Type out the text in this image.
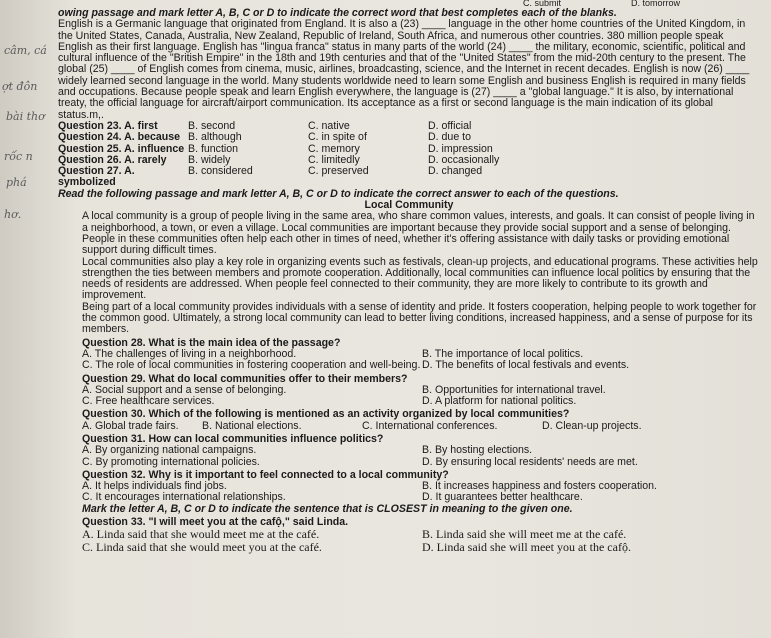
câm, cá
ợt đôn
bài thơ
rốc n
phá
hơ.
C. submit	D. tomorrow
owing passage and mark letter A, B, C or D to indicate the correct word that best completes each of the blanks.

English is a Germanic language that originated from England. It is also a (23) ____ language in the other home countries of the United Kingdom, in the United States, Canada, Australia, New Zealand, Republic of Ireland, South Africa, and numerous other countries. 380 million people speak English as their first language. English has "lingua franca" status in many parts of the world (24) ____ the military, economic, scientific, political and cultural influence of the "British Empire" in the 18th and 19th centuries and that of the "United States" from the mid-20th century to the present. The global (25) ____ of English comes from cinema, music, airlines, broadcasting, science, and the Internet in recent decades. English is now (26) ____ widely learned second language in the world. Many students worldwide need to learn some English and business English is required in many fields and occupations. Because people speak and learn English everywhere, the language is (27) ____ a "global language." It is also, by international treaty, the official language for aircraft/airport communication. Its acceptance as a first or second language is the main indication of its global status.m,.

Question 23. A. first	B. second	C. native	D. official
Question 24. A. because B. although	C. in spite of	D. due to
Question 25. A. influence B. function	C. memory	D. impression
Question 26. A. rarely	B. widely	C. limitedly	D. occasionally
Question 27. A. symbolized
B. considered	C. preserved	D. changed
Read the following passage and mark letter A, B, C or D to indicate the correct answer to each of the questions.
Local Community

A local community is a group of people living in the same area, who share common values, interests, and goals. It can consist of people living in a neighborhood, a town, or even a village. Local communities are important because they provide social support and a sense of belonging. People in these communities often help each other in times of need, whether it's offering assistance with daily tasks or providing emotional support during difficult times.

Local communities also play a key role in organizing events such as festivals, clean-up projects, and educational programs. These activities help strengthen the ties between members and promote cooperation. Additionally, local communities can influence local politics by ensuring that the needs of residents are addressed. When people feel connected to their community, they are more likely to contribute to its growth and improvement.

Being part of a local community provides individuals with a sense of identity and pride. It fosters cooperation, helping people to work together for the common good. Ultimately, a strong local community can lead to better living conditions, increased happiness, and a sense of purpose for its members.

Question 28. What is the main idea of the passage?
A. The challenges of living in a neighborhood.	B. The importance of local politics.
C. The role of local communities in fostering cooperation and well-being. D. The benefits of local festivals and events.
Question 29. What do local communities offer to their members?
A. Social support and a sense of belonging.	B. Opportunities for international travel.
C. Free healthcare services.	D. A platform for national politics.
Question 30. Which of the following is mentioned as an activity organized by local communities?
A. Global trade fairs.	B. National elections.	C. International conferences.	D. Clean-up projects.
Question 31. How can local communities influence politics?
A. By organizing national campaigns.	B. By hosting elections.
C. By promoting international policies.	D. By ensuring local residents' needs are met.
Question 32. Why is it important to feel connected to a local community?
A. It helps individuals find jobs.	B. It increases happiness and fosters cooperation.
C. It encourages international relationships.	D. It guarantees better healthcare.
Mark the letter A, B, C or D to indicate the sentence that is CLOSEST in meaning to the given one.
Question 33. "I will meet you at the cafộ," said Linda.
A. Linda said that she would meet me at the café.	B. Linda said she will meet me at the café.
C. Linda said that she would meet you at the café.	D. Linda said she will meet you at the cafộ.
